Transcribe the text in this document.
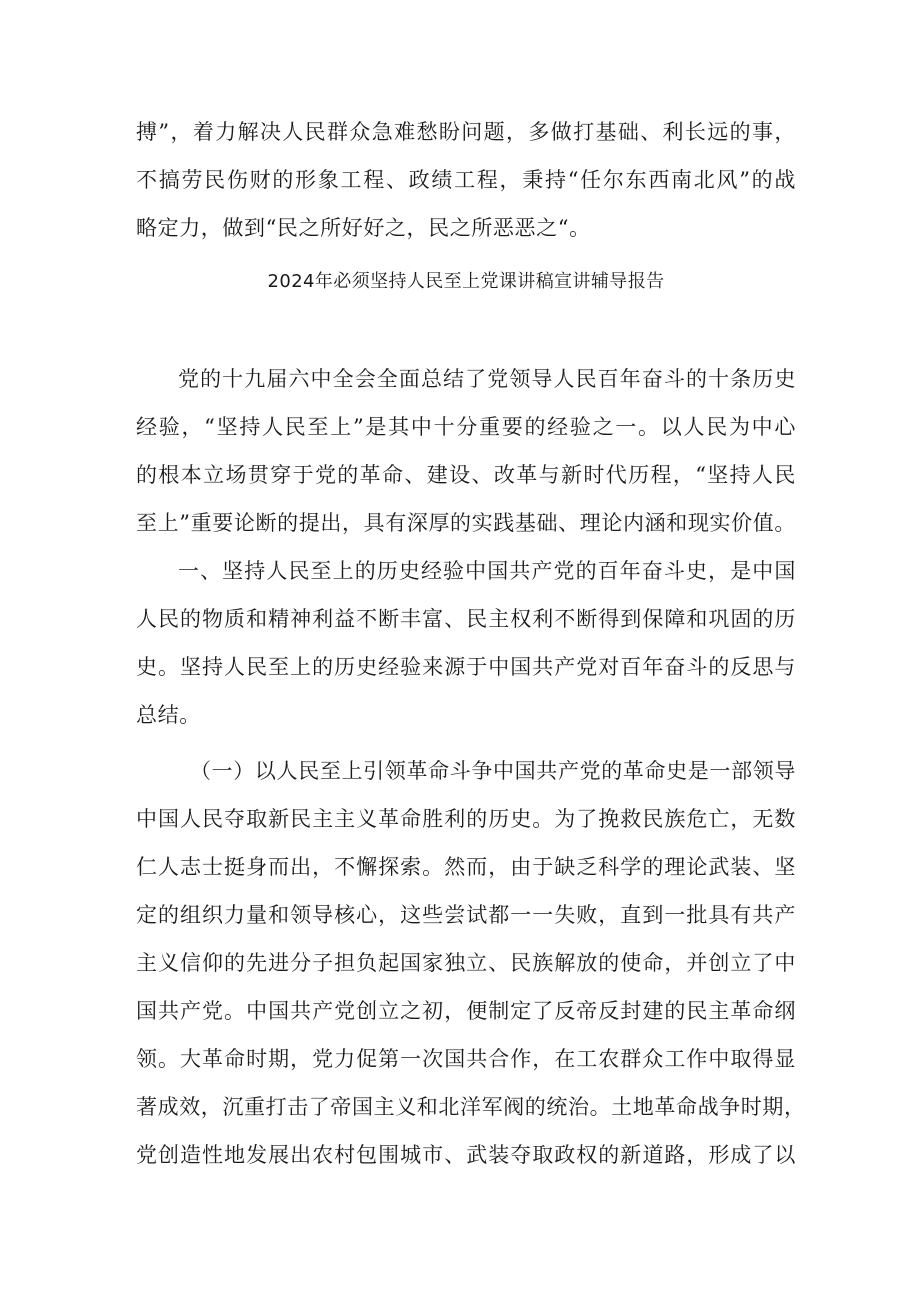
搏”，着力解决人民群众急难愁盼问题，多做打基础、利长远的事，
不搞劳民伤财的形象工程、政绩工程，秉持“任尔东西南北风”的战
略定力，做到“民之所好好之，民之所恶恶之“。
2024年必须坚持人民至上党课讲稿宣讲辅导报告
党的十九届六中全会全面总结了党领导人民百年奋斗的十条历史
经验，“坚持人民至上”是其中十分重要的经验之一。以人民为中心
的根本立场贯穿于党的革命、建设、改革与新时代历程，“坚持人民
至上”重要论断的提出，具有深厚的实践基础、理论内涵和现实价值。
一、坚持人民至上的历史经验中国共产党的百年奋斗史，是中国
人民的物质和精神利益不断丰富、民主权利不断得到保障和巩固的历
史。坚持人民至上的历史经验来源于中国共产党对百年奋斗的反思与
总结。
（一）以人民至上引领革命斗争中国共产党的革命史是一部领导
中国人民夺取新民主主义革命胜利的历史。为了挽救民族危亡，无数
仁人志士挺身而出，不懈探索。然而，由于缺乏科学的理论武装、坚
定的组织力量和领导核心，这些尝试都一一失败，直到一批具有共产
主义信仰的先进分子担负起国家独立、民族解放的使命，并创立了中
国共产党。中国共产党创立之初，便制定了反帝反封建的民主革命纲
领。大革命时期，党力促第一次国共合作，在工农群众工作中取得显
著成效，沉重打击了帝国主义和北洋军阀的统治。土地革命战争时期，
党创造性地发展出农村包围城市、武装夺取政权的新道路，形成了以
